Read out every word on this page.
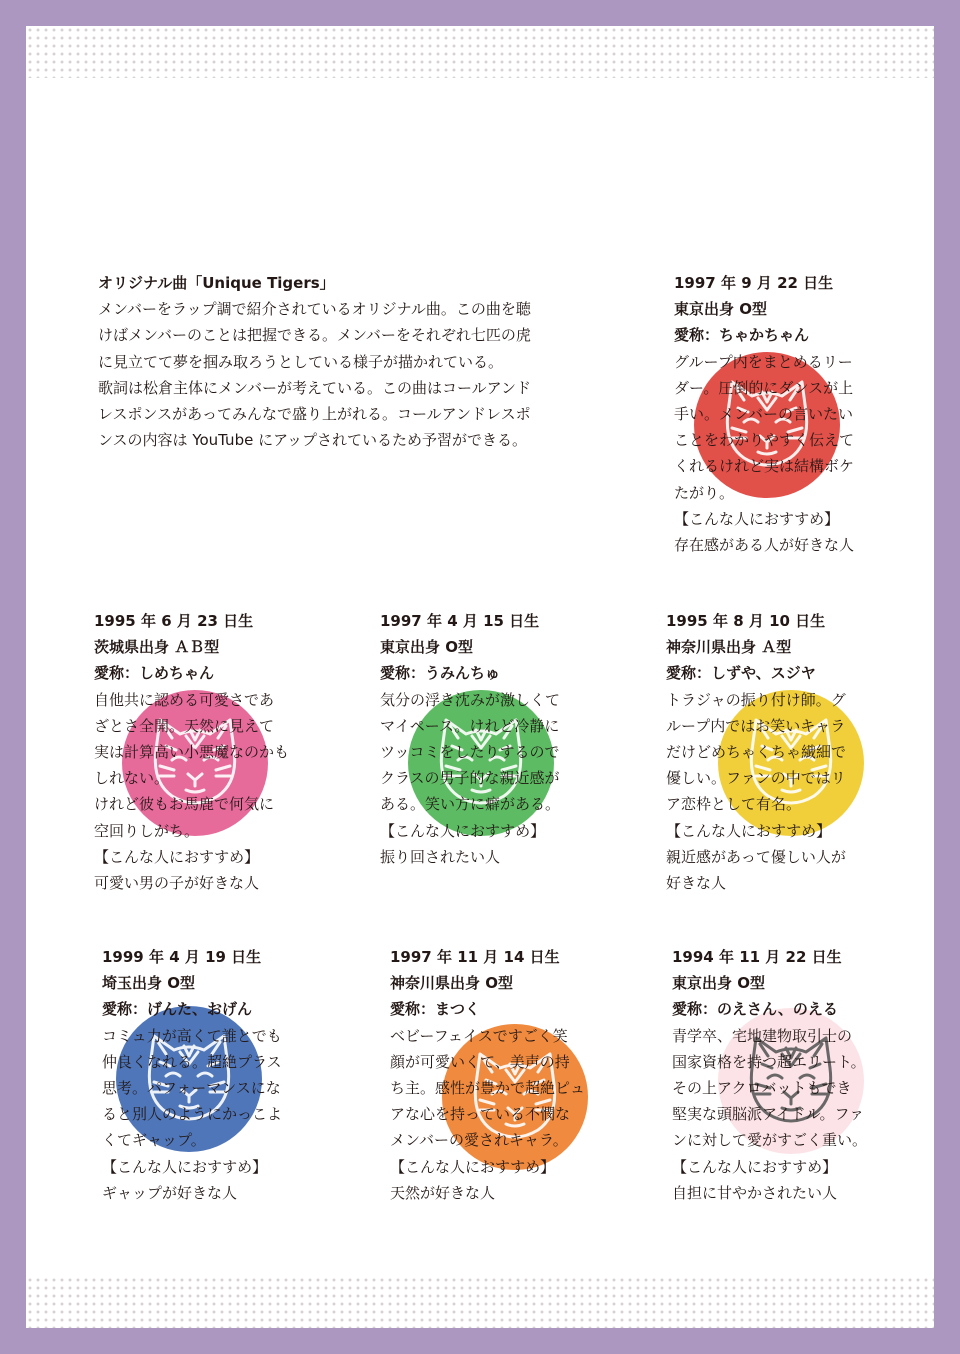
オリジナル曲「Unique Tigers」

メンバーをラップ調で紹介されているオリジナル曲。この曲を聴

けばメンバーのことは把握できる。メンバーをそれぞれ七匹の虎

に見立てて夢を掴み取ろうとしている様子が描かれている。

歌詞は松倉主体にメンバーが考えている。この曲はコールアンド

レスポンスがあってみんなで盛り上がれる。コールアンドレスポ

ンスの内容は YouTube にアップされているため予習ができる。

1997 年 9 月 22 日生

東京出身 O型

愛称：ちゃかちゃん

グループ内をまとめるリー

ダー。圧倒的にダンスが上

手い。メンバーの言いたい

ことをわかりやすく伝えて

くれるけれど実は結構ボケ

たがり。

【こんな人におすすめ】

存在感がある人が好きな人

1995 年 6 月 23 日生

茨城県出身 ＡＢ型

愛称：しめちゃん

自他共に認める可愛さであ

ざとさ全開。天然に見えて

実は計算高い小悪魔なのかも

しれない。

けれど彼もお馬鹿で何気に

空回りしがち。

【こんな人におすすめ】

可愛い男の子が好きな人

1997 年 4 月 15 日生

東京出身 O型

愛称：うみんちゅ

気分の浮き沈みが激しくて

マイペース。けれど冷静に

ツッコミをしたりするので

クラスの男子的な親近感が

ある。笑い方に癖がある。

【こんな人におすすめ】

振り回されたい人

1995 年 8 月 10 日生

神奈川県出身 Ａ型

愛称：しずや、スジヤ

トラジャの振り付け師。グ

ループ内ではお笑いキャラ

だけどめちゃくちゃ繊細で

優しい。ファンの中ではリ

ア恋枠として有名。

【こんな人におすすめ】

親近感があって優しい人が

好きな人

1999 年 4 月 19 日生

埼玉出身 O型

愛称：げんた、おげん

コミュ力が高くて誰とでも

仲良くなれる。超絶プラス

思考。パフォーマンスにな

ると別人のようにかっこよ

くてギャップ。

【こんな人におすすめ】

ギャップが好きな人

1997 年 11 月 14 日生

神奈川県出身 O型

愛称：まつく

ベビーフェイスですごく笑

顔が可愛いくて、美声の持

ち主。感性が豊かで超絶ピュ

アな心を持っている不憫な

メンバーの愛されキャラ。

【こんな人におすすめ】

天然が好きな人

1994 年 11 月 22 日生

東京出身 O型

愛称：のえさん、のえる

青学卒、宅地建物取引士の

国家資格を持つ超エリート。

その上アクロバットもでき

堅実な頭脳派アイドル。ファ

ンに対して愛がすごく重い。

【こんな人におすすめ】

自担に甘やかされたい人
